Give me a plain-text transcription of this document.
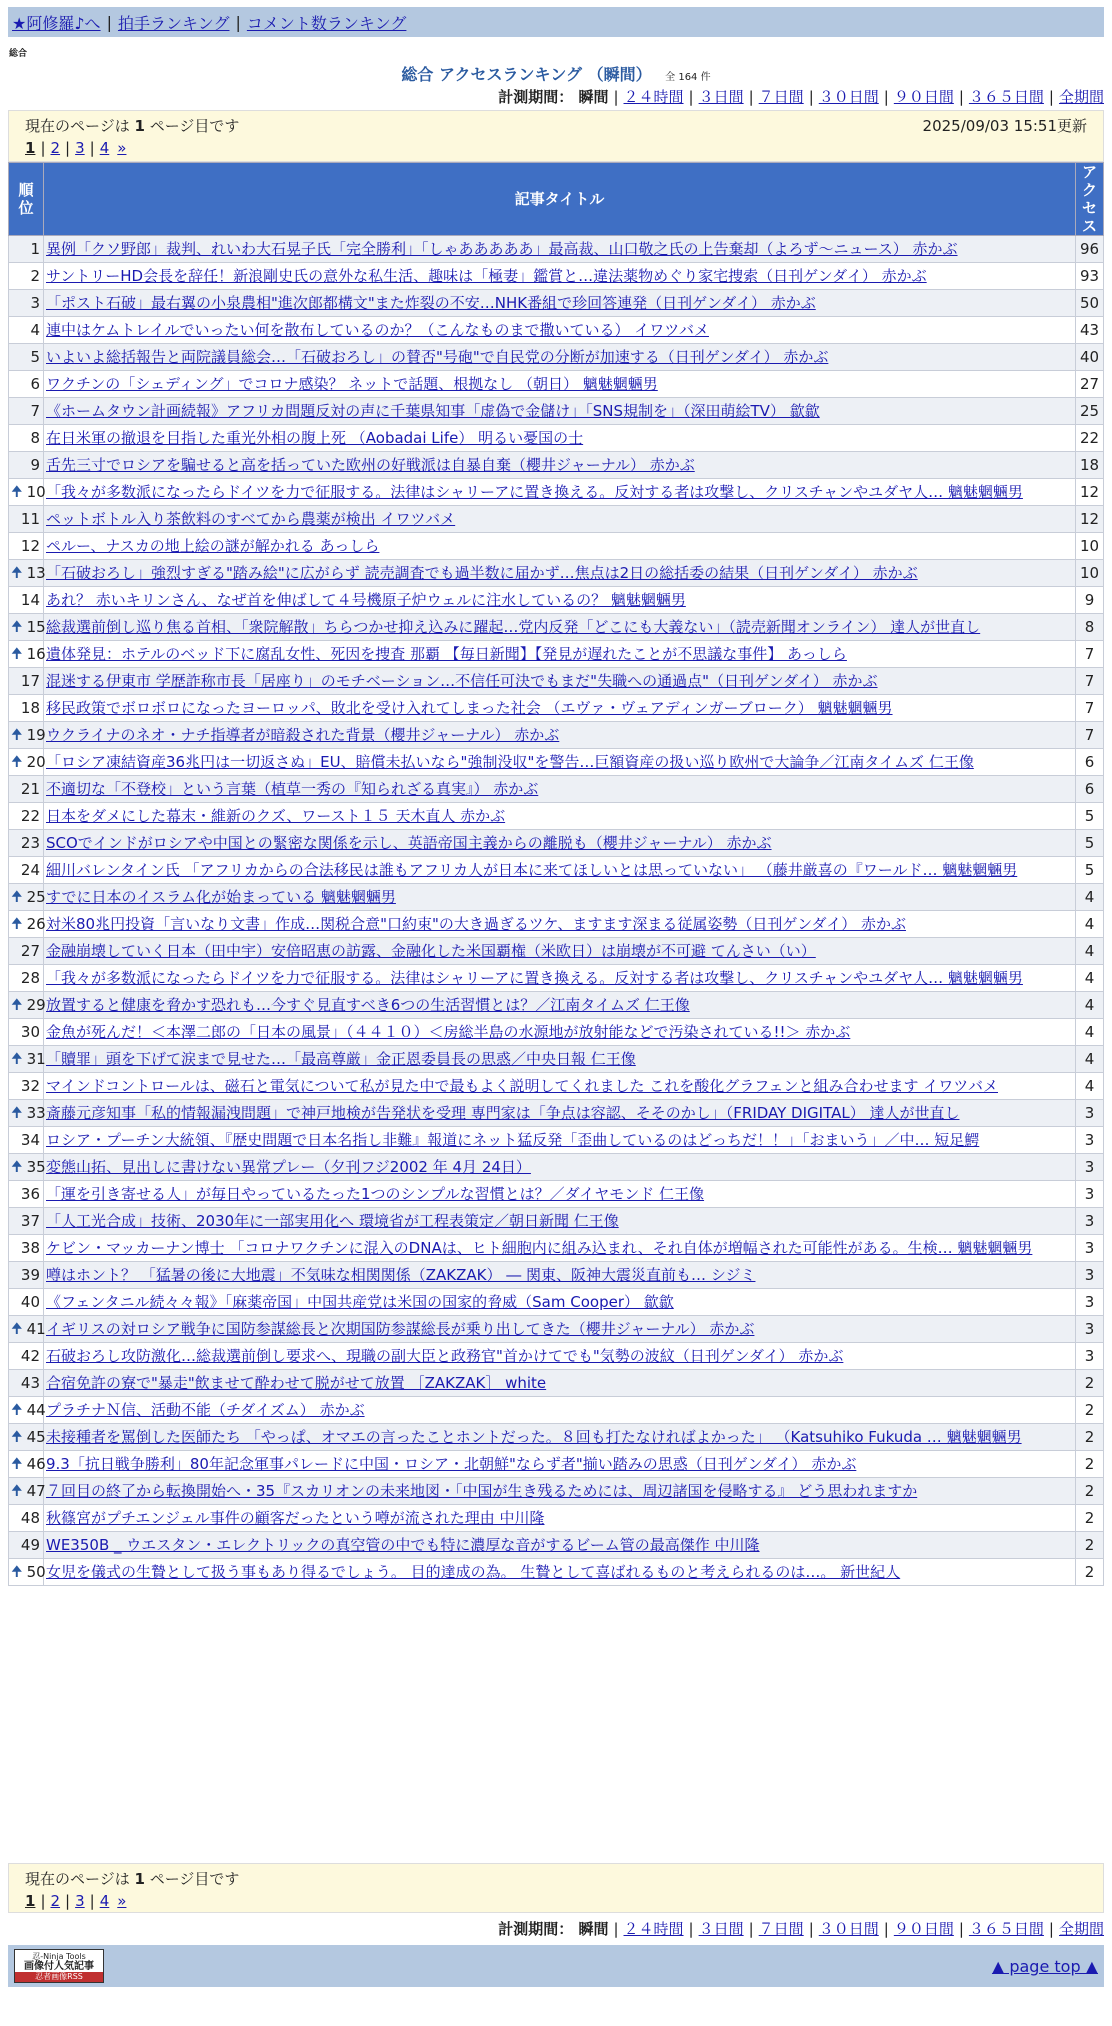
★阿修羅♪へ | 拍手ランキング | コメント数ランキング
総合
総合 アクセスランキング （瞬間） 全 164 件
計測期間： 瞬間 | ２４時間 | ３日間 | ７日間 | ３０日間 | ９０日間 | ３６５日間 | 全期間
現在のページは 1 ページ目です	2025/09/03 15:51更新
1 | 2 | 3 | 4 »
順位	記事タイトル	アクセス
1	異例「クソ野郎」裁判、れいわ大石晃子氏「完全勝利」「しゃあああああ」最高裁、山口敬之氏の上告棄却（よろず〜ニュース） 赤かぶ	96
2	サントリーHD会長を辞任！新浪剛史氏の意外な私生活、趣味は「極妻」鑑賞と…違法薬物めぐり家宅捜索（日刊ゲンダイ） 赤かぶ	93
3	「ポスト石破」最右翼の小泉農相"進次郎都構文"また炸裂の不安…NHK番組で珍回答連発（日刊ゲンダイ） 赤かぶ	50
4	連中はケムトレイルでいったい何を散布しているのか？（こんなものまで撒いている） イワツバメ	43
5	いよいよ総括報告と両院議員総会…「石破おろし」の賛否"号砲"で自民党の分断が加速する（日刊ゲンダイ） 赤かぶ	40
6	ワクチンの「シェディング」でコロナ感染？ ネットで話題、根拠なし （朝日） 魑魅魍魎男	27
7	《ホームタウン計画続報》アフリカ問題反対の声に千葉県知事「虚偽で金儲け」「SNS規制を」（深田萌絵TV） 歙歙	25
8	在日米軍の撤退を目指した重光外相の腹上死 （Aobadai Life） 明るい憂国の士	22
9	舌先三寸でロシアを騙せると高を括っていた欧州の好戦派は自暴自棄（櫻井ジャーナル） 赤かぶ	18

🠉 10	「我々が多数派になったらドイツを力で征服する。法律はシャリーアに置き換える。反対する者は攻撃し、クリスチャンやユダヤ人… 魑魅魍魎男	12
11	ペットボトル入り茶飲料のすべてから農薬が検出 イワツバメ	12
12	ペルー、ナスカの地上絵の謎が解かれる あっしら	10

🠉 13	「石破おろし」強烈すぎる"踏み絵"に広がらず 読売調査でも過半数に届かず…焦点は2日の総括委の結果（日刊ゲンダイ） 赤かぶ	10
14	あれ？ 赤いキリンさん、なぜ首を伸ばして４号機原子炉ウェルに注水しているの？ 魑魅魍魎男	9

🠉 15	総裁選前倒し巡り焦る首相、「衆院解散」ちらつかせ抑え込みに躍起…党内反発「どこにも大義ない」（読売新聞オンライン） 達人が世直し	8

🠉 16	遺体発見：ホテルのベッド下に腐乱女性、死因を捜査 那覇 【毎日新聞】【発見が遅れたことが不思議な事件】 あっしら	7
17	混迷する伊東市 学歴詐称市長「居座り」のモチベーション…不信任可決でもまだ"失職への通過点"（日刊ゲンダイ） 赤かぶ	7
18	移民政策でボロボロになったヨーロッパ、敗北を受け入れてしまった社会 （エヴァ・ヴェアディンガーブローク） 魑魅魍魎男	7

🠉 19	ウクライナのネオ・ナチ指導者が暗殺された背景（櫻井ジャーナル） 赤かぶ	7

🠉 20	「ロシア凍結資産36兆円は一切返さぬ」EU、賠償未払いなら"強制没収"を警告…巨額資産の扱い巡り欧州で大論争／江南タイムズ 仁王像	6
21	不適切な「不登校」という言葉（植草一秀の『知られざる真実』） 赤かぶ	6
22	日本をダメにした幕末・維新のクズ、ワースト１５ 天木直人 赤かぶ	5
23	SCOでインドがロシアや中国との緊密な関係を示し、英語帝国主義からの離脱も（櫻井ジャーナル） 赤かぶ	5
24	細川バレンタイン氏 「アフリカからの合法移民は誰もアフリカ人が日本に来てほしいとは思っていない」 （藤井厳喜の『ワールド… 魑魅魍魎男	5

🠉 25	すでに日本のイスラム化が始まっている 魑魅魍魎男	4

🠉 26	対米80兆円投資「言いなり文書」作成…関税合意"口約束"の大き過ぎるツケ、ますます深まる従属姿勢（日刊ゲンダイ） 赤かぶ	4
27	金融崩壊していく日本（田中宇）安倍昭恵の訪露、金融化した米国覇権（米欧日）は崩壊が不可避 てんさい（い）	4
28	「我々が多数派になったらドイツを力で征服する。法律はシャリーアに置き換える。反対する者は攻撃し、クリスチャンやユダヤ人… 魑魅魍魎男	4

🠉 29	放置すると健康を脅かす恐れも…今すぐ見直すべき6つの生活習慣とは？／江南タイムズ 仁王像	4
30	金魚が死んだ！＜本澤二郎の「日本の風景」（４４１０）＜房総半島の水源地が放射能などで汚染されている!!＞ 赤かぶ	4

🠉 31	「贖罪」頭を下げて涙まで見せた…「最高尊厳」金正恩委員長の思惑／中央日報 仁王像	4
32	マインドコントロールは、磁石と電気について私が見た中で最もよく説明してくれました これを酸化グラフェンと組み合わせます イワツバメ	4

🠉 33	斎藤元彦知事「私的情報漏洩問題」で神戸地検が告発状を受理 専門家は「争点は容認、そそのかし」（FRIDAY DIGITAL） 達人が世直し	3
34	ロシア・プーチン大統領、『歴史問題で日本名指し非難』報道にネット猛反発「歪曲しているのはどっちだ！！」「おまいう」／中… 短足鰐	3

🠉 35	変態山拓、見出しに書けない異常プレー（夕刊フジ2002 年 4月 24日）	3
36	「運を引き寄せる人」が毎日やっているたった1つのシンプルな習慣とは？／ダイヤモンド 仁王像	3
37	「人工光合成」技術、2030年に一部実用化へ 環境省が工程表策定／朝日新聞 仁王像	3
38	ケビン・マッカーナン博士 「コロナワクチンに混入のDNAは、ヒト細胞内に組み込まれ、それ自体が増幅された可能性がある。生検… 魑魅魍魎男	3
39	噂はホント？ 「猛暑の後に大地震」不気味な相関関係（ZAKZAK） ― 関東、阪神大震災直前も… シジミ	3
40	《フェンタニル続々々報》「麻薬帝国」中国共産党は米国の国家的脅威（Sam Cooper） 歙歙	3

🠉 41	イギリスの対ロシア戦争に国防参謀総長と次期国防参謀総長が乗り出してきた（櫻井ジャーナル） 赤かぶ	3
42	石破おろし攻防激化…総裁選前倒し要求へ、現職の副大臣と政務官"首かけてでも"気勢の波紋（日刊ゲンダイ） 赤かぶ	3
43	合宿免許の寮で"暴走"飲ませて酔わせて脱がせて放置 ［ZAKZAK］ white	2

🠉 44	プラチナＮ信、活動不能（チダイズム） 赤かぶ	2

🠉 45	未接種者を罵倒した医師たち 「やっぱ、オマエの言ったことホントだった。８回も打たなければよかった」 （Katsuhiko Fukuda … 魑魅魍魎男	2

🠉 46	9.3「抗日戦争勝利」80年記念軍事パレードに中国・ロシア・北朝鮮"ならず者"揃い踏みの思惑（日刊ゲンダイ） 赤かぶ	2

🠉 47	７回目の終了から転換開始へ・35『スカリオンの未来地図・「中国が生き残るためには、周辺諸国を侵略する』 どう思われますか	2
48	秋篠宮がプチエンジェル事件の顧客だったという噂が流された理由 中川隆	2
49	WE350B _ ウエスタン・エレクトリックの真空管の中でも特に濃厚な音がするビーム管の最高傑作 中川隆	2

🠉 50	女児を儀式の生贄として扱う事もあり得るでしょう。 目的達成の為。 生贄として喜ばれるものと考えられるのは…。 新世紀人	2
現在のページは 1 ページ目です
1 | 2 | 3 | 4 »
計測期間： 瞬間 | ２４時間 | ３日間 | ７日間 | ３０日間 | ９０日間 | ３６５日間 | 全期間
忍-Ninja Tools
画像付人気記事
忍者画像RSS
▲ page top ▲
